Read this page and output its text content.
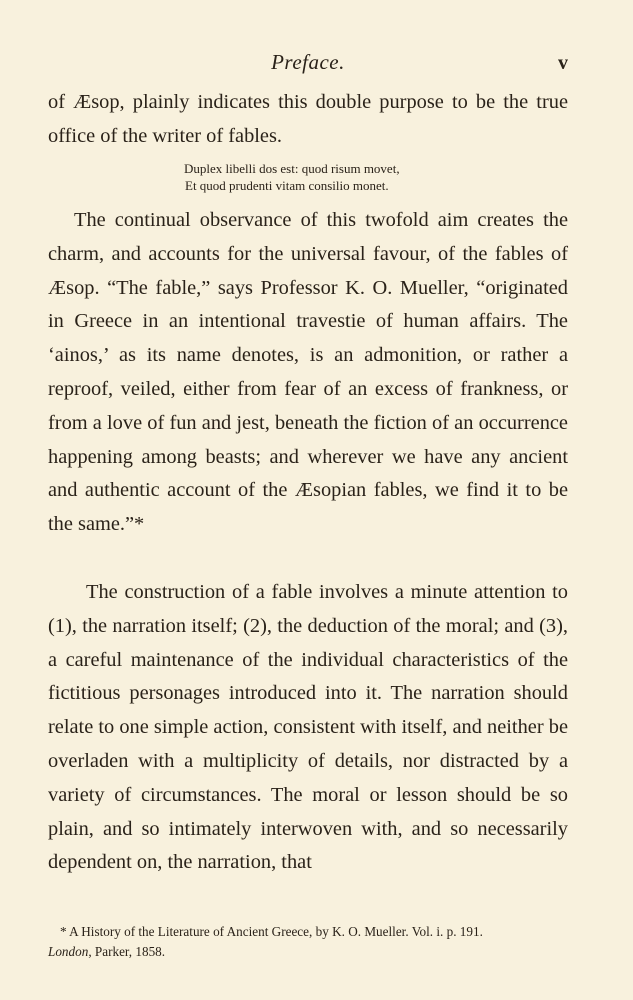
Preface.	v

of Æsop, plainly indicates this double purpose to be the true office of the writer of fables.

Duplex libelli dos est: quod risum movet,
Et quod prudenti vitam consilio monet.

The continual observance of this twofold aim creates the charm, and accounts for the universal favour, of the fables of Æsop. “The fable,” says Professor K. O. Mueller, “originated in Greece in an intentional travestie of human affairs. The ‘ainos,’ as its name denotes, is an admonition, or rather a reproof, veiled, either from fear of an excess of frankness, or from a love of fun and jest, beneath the fiction of an occurrence happening among beasts; and wherever we have any ancient and authentic account of the Æsopian fables, we find it to be the same.”*

The construction of a fable involves a minute attention to (1), the narration itself; (2), the deduction of the moral; and (3), a careful maintenance of the individual characteristics of the fictitious personages introduced into it. The narration should relate to one simple action, consistent with itself, and neither be overladen with a multiplicity of details, nor distracted by a variety of circumstances. The moral or lesson should be so plain, and so intimately interwoven with, and so necessarily dependent on, the narration, that

* A History of the Literature of Ancient Greece, by K. O. Mueller. Vol. i. p. 191.
London, Parker, 1858.
